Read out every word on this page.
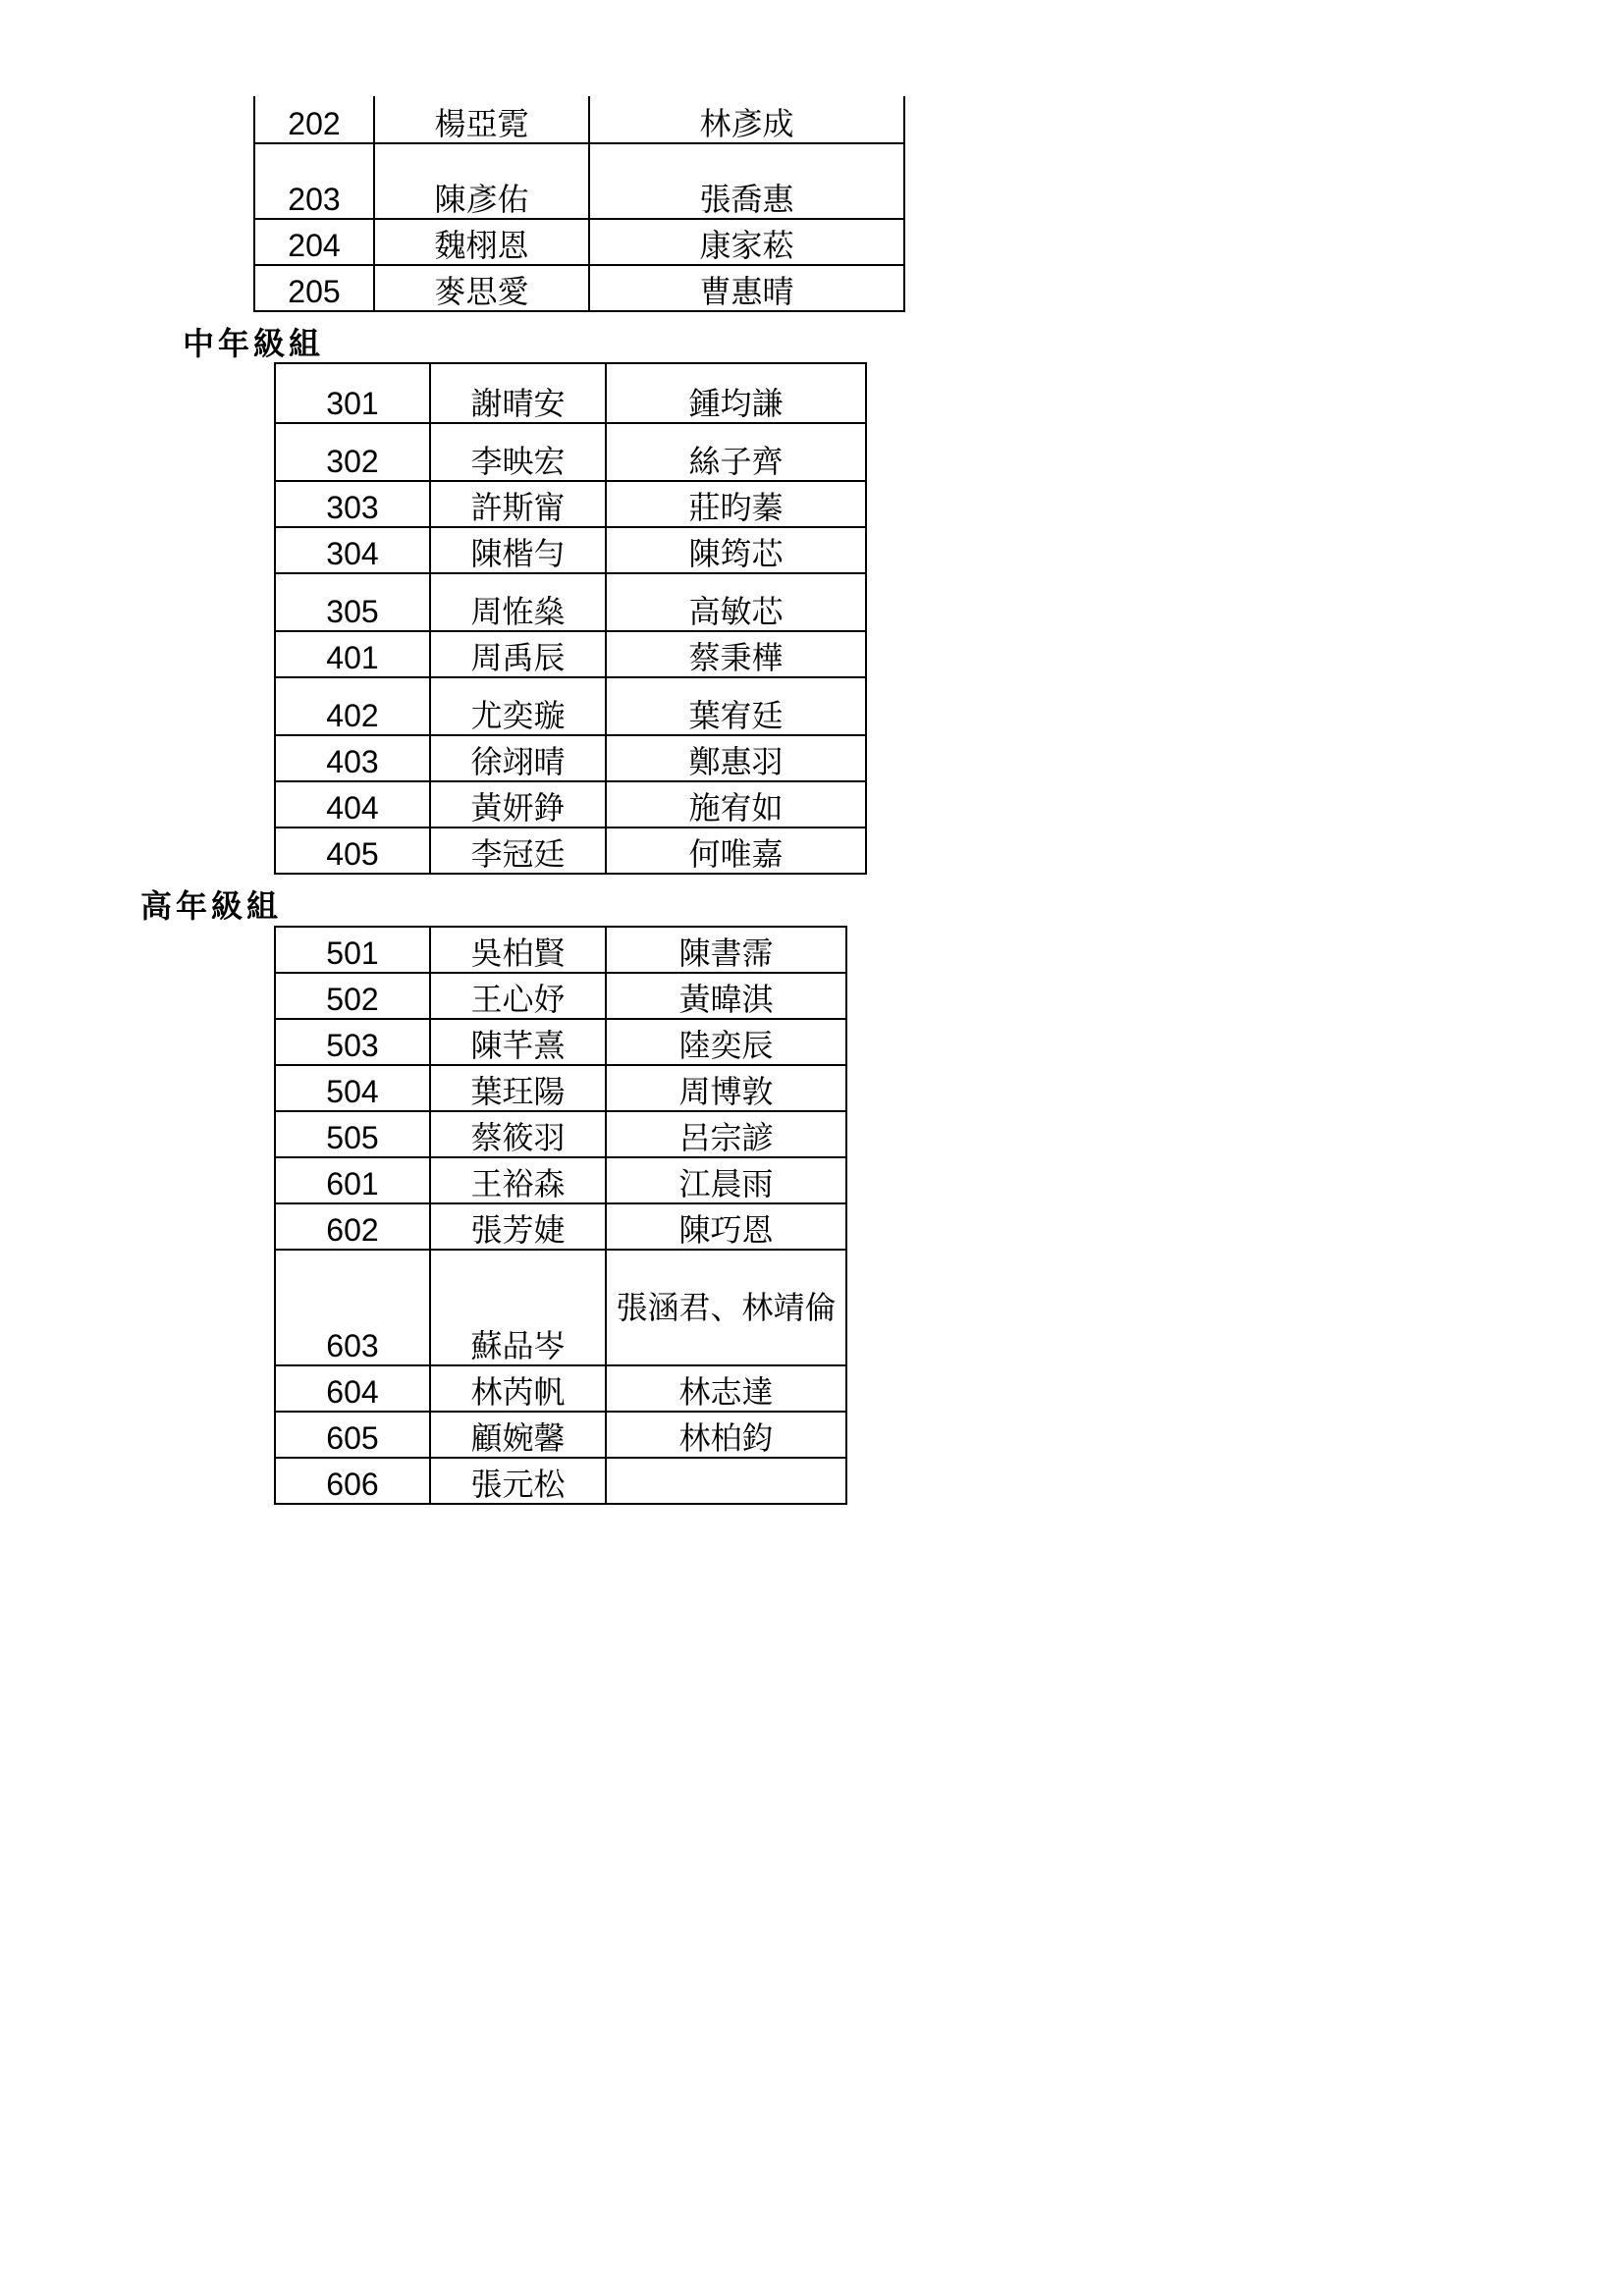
202	楊亞霓	林彥成
203	陳彥佑	張喬惠
204	魏栩恩	康家菘
205	麥思愛	曹惠晴
中年級組
301	謝晴安	鍾均謙
302	李映宏	絲子齊
303	許斯甯	莊昀蓁
304	陳楷勻	陳筠芯
305	周恠燊	高敏芯
401	周禹辰	蔡秉樺
402	尤奕璇	葉宥廷
403	徐翊晴	鄭惠羽
404	黃妍錚	施宥如
405	李冠廷	何唯嘉
高年級組
501	吳柏賢	陳書霈
502	王心妤	黃暐淇
503	陳芊熹	陸奕辰
504	葉玨陽	周博敦
505	蔡筱羽	呂宗諺
601	王裕森	江晨雨
602	張芳婕	陳巧恩
603	蘇品岑	張涵君、林靖倫
604	林芮帆	林志達
605	顧婉馨	林柏鈞
606	張元松	
